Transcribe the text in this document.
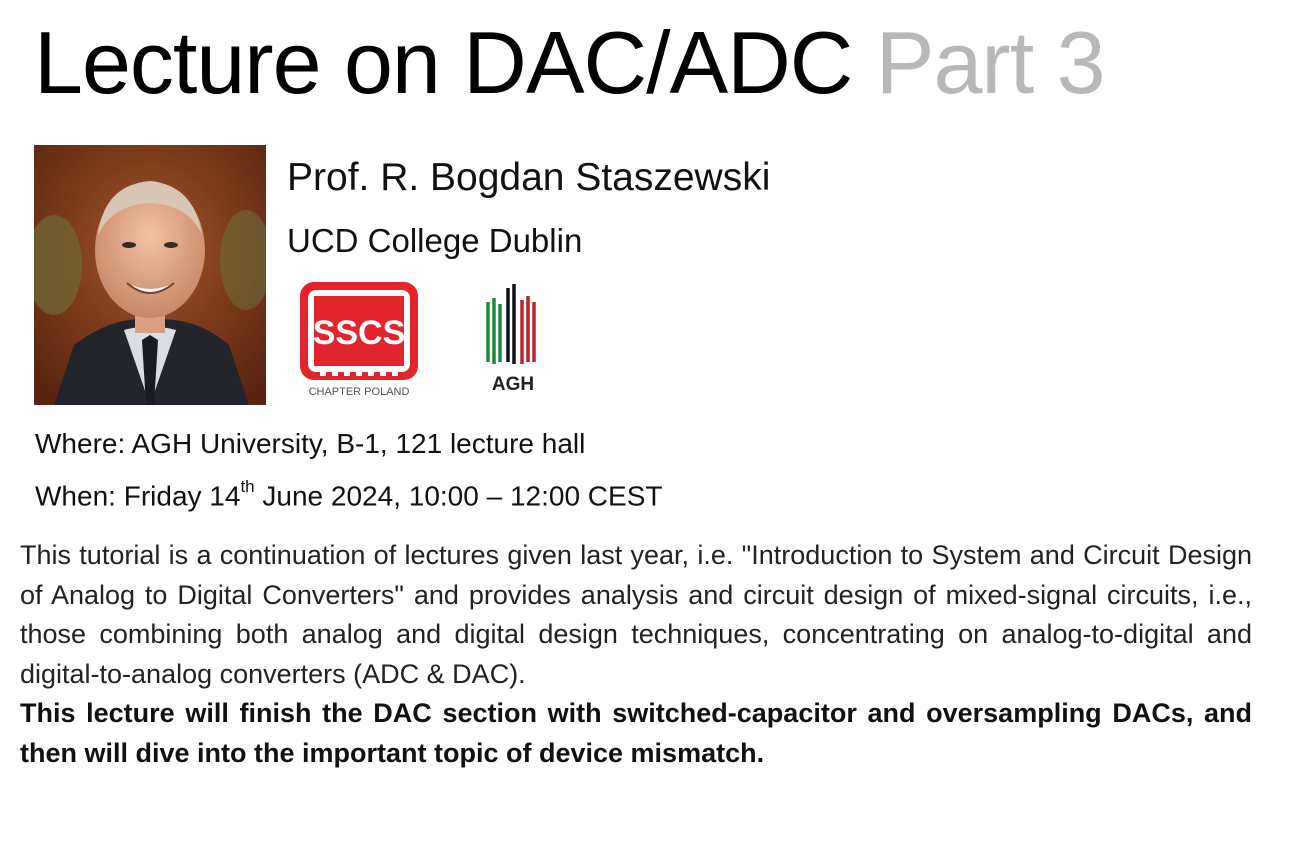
Lecture on DAC/ADC Part 3
Prof. R. Bogdan Staszewski
UCD College Dublin
SSCS
CHAPTER POLAND	AGH
Where: AGH University, B-1, 121 lecture hall
When: Friday 14th June 2024, 10:00 – 12:00 CEST

This tutorial is a continuation of lectures given last year, i.e. "Introduction to System and Circuit Design of Analog to Digital Converters" and provides analysis and circuit design of mixed-signal circuits, i.e., those combining both analog and digital design techniques, concentrating on analog-to-digital and digital-to-analog converters (ADC & DAC).

This lecture will finish the DAC section with switched-capacitor and oversampling DACs, and then will dive into the important topic of device mismatch.
